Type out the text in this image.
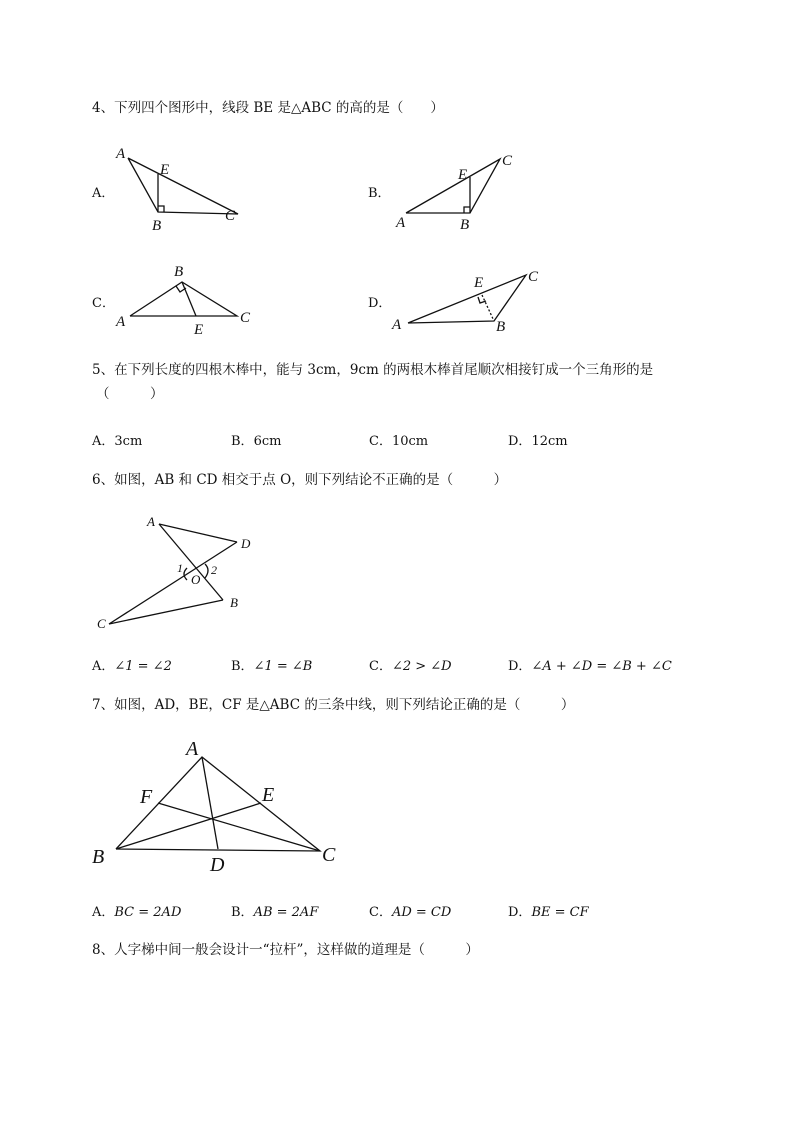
4、下列四个图形中，线段 BE 是△ABC 的高的是（　　）
A．
A
E
B
C
B．
C
E
A	B
C．
B
A	E
C
D．
E	C
A	B
5、在下列长度的四根木棒中，能与 3cm，9cm 的两根木棒首尾顺次相接钉成一个三角形的是
（　　　）
A．3cm	B．6cm	C．10cm	D．12cm
6、如图，AB 和 CD 相交于点 O，则下列结论不正确的是（　　　）
A
D
1 2
O
B
C
A．∠1 = ∠2	B．∠1 = ∠B	C．∠2 > ∠D	D．∠A + ∠D = ∠B + ∠C
7、如图，AD，BE，CF 是△ABC 的三条中线，则下列结论正确的是（　　　）
A
F	E
B	D	C
A．BC = 2AD	B．AB = 2AF	C．AD = CD	D．BE = CF
8、人字梯中间一般会设计一“拉杆”，这样做的道理是（　　　）
